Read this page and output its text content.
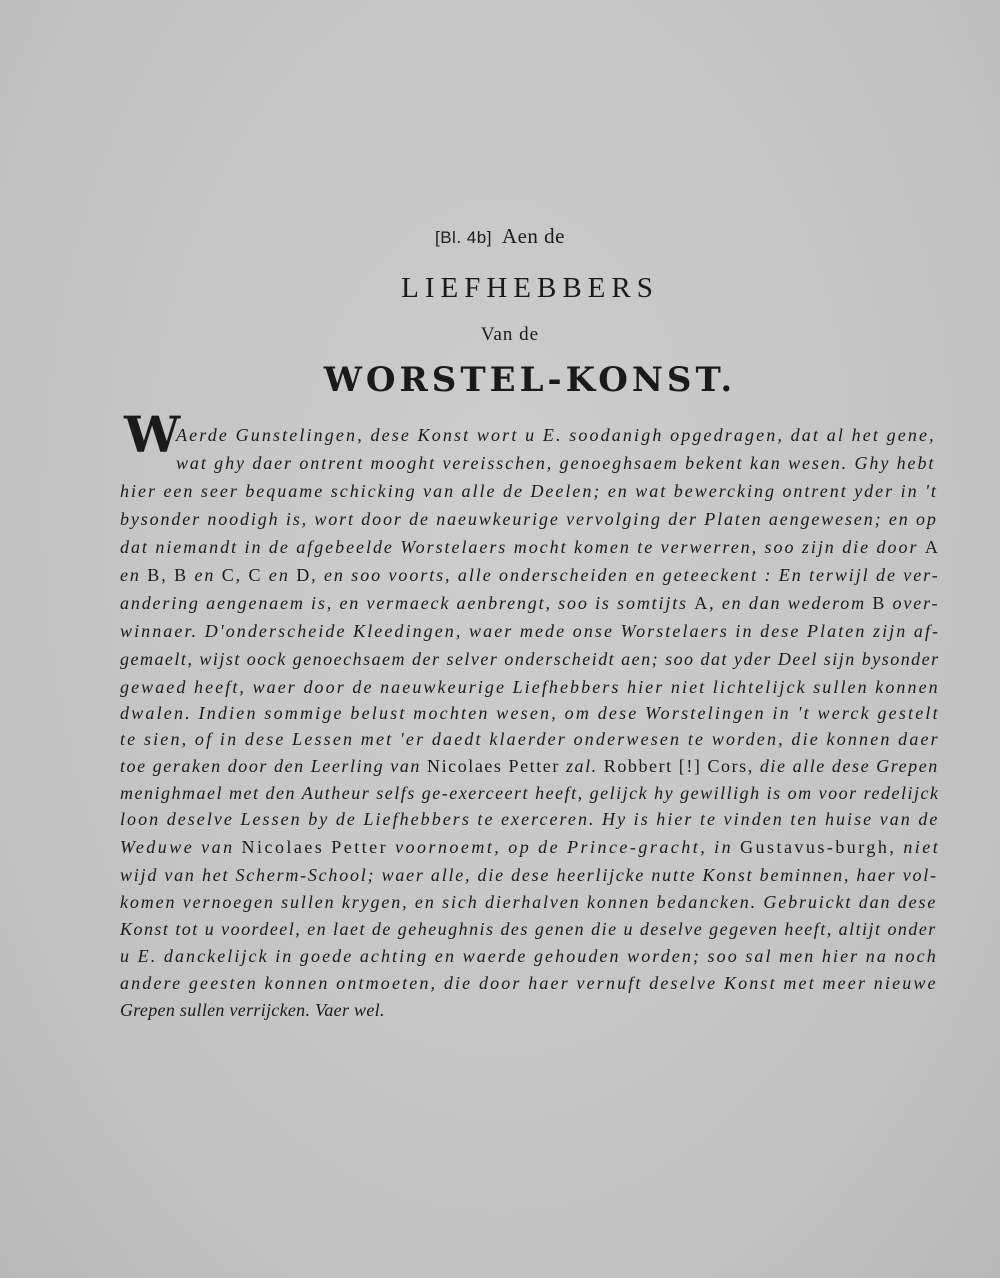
[Bl. 4b] Aen de
LIEFHEBBERS
Van de
WORSTEL-KONST.
W
Aerde Gunstelingen, dese Konst wort u E. soodanigh opgedragen, dat al het gene,
wat ghy daer ontrent mooght vereisschen, genoeghsaem bekent kan wesen. Ghy hebt
hier een seer bequame schicking van alle de Deelen; en wat bewercking ontrent yder in 't
bysonder noodigh is, wort door de naeuwkeurige vervolging der Platen aengewesen; en op
dat niemandt in de afgebeelde Worstelaers mocht komen te verwerren, soo zijn die door A
en B, B en C, C en D, en soo voorts, alle onderscheiden en geteeckent : En terwijl de ver-
andering aengenaem is, en vermaeck aenbrengt, soo is somtijts A, en dan wederom B over-
winnaer. D'onderscheide Kleedingen, waer mede onse Worstelaers in dese Platen zijn af-
gemaelt, wijst oock genoechsaem der selver onderscheidt aen; soo dat yder Deel sijn bysonder
gewaed heeft, waer door de naeuwkeurige Liefhebbers hier niet lichtelijck sullen konnen
dwalen. Indien sommige belust mochten wesen, om dese Worstelingen in 't werck gestelt
te sien, of in dese Lessen met 'er daedt klaerder onderwesen te worden, die konnen daer
toe geraken door den Leerling van Nicolaes Petter zal. Robbert [!] Cors, die alle dese Grepen
menighmael met den Autheur selfs ge-exerceert heeft, gelijck hy gewilligh is om voor redelijck
loon deselve Lessen by de Liefhebbers te exerceren. Hy is hier te vinden ten huise van de
Weduwe van Nicolaes Petter voornoemt, op de Prince-gracht, in Gustavus-burgh, niet
wijd van het Scherm-School; waer alle, die dese heerlijcke nutte Konst beminnen, haer vol-
komen vernoegen sullen krygen, en sich dierhalven konnen bedancken. Gebruickt dan dese
Konst tot u voordeel, en laet de geheughnis des genen die u deselve gegeven heeft, altijt onder
u E. danckelijck in goede achting en waerde gehouden worden; soo sal men hier na noch
andere geesten konnen ontmoeten, die door haer vernuft deselve Konst met meer nieuwe
Grepen sullen verrijcken. Vaer wel.
